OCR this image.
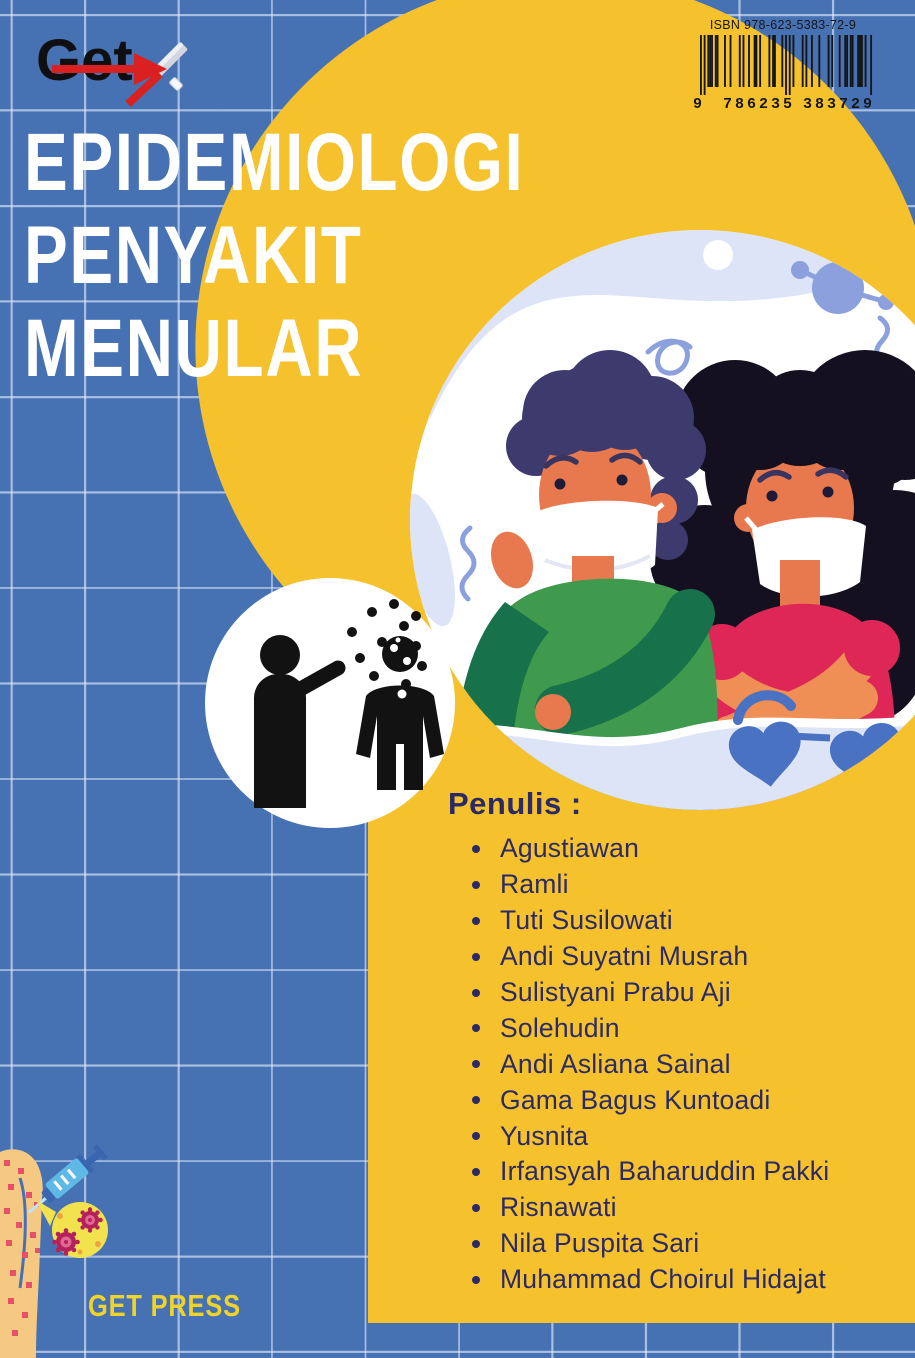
Get
ISBN 978-623-5383-72-9
9 786235 383729
EPIDEMIOLOGI
PENYAKIT
MENULAR
Penulis :
Agustiawan
Ramli
Tuti Susilowati
Andi Suyatni Musrah
Sulistyani Prabu Aji
Solehudin
Andi Asliana Sainal
Gama Bagus Kuntoadi
Yusnita
Irfansyah Baharuddin Pakki
Risnawati
Nila Puspita Sari
Muhammad Choirul Hidajat
GET PRESS
